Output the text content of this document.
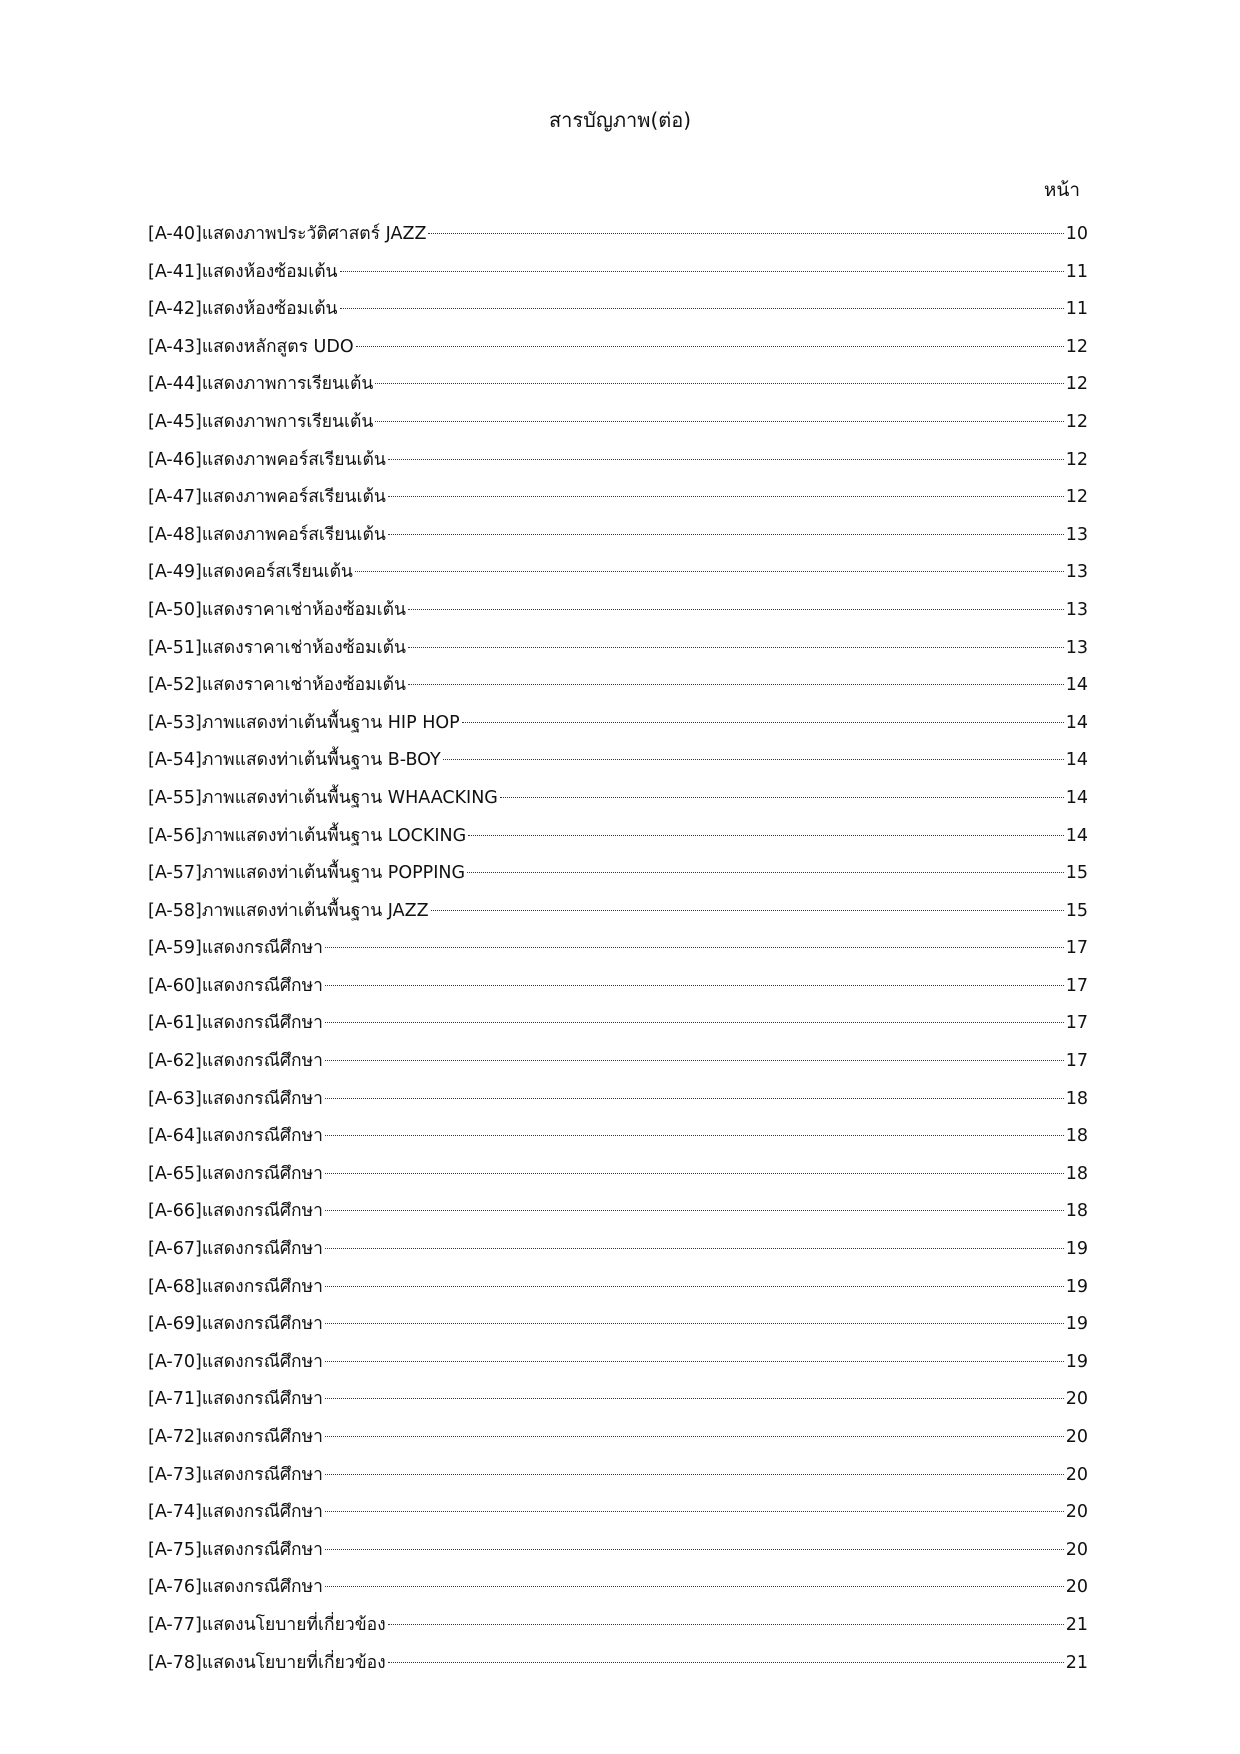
สารบัญภาพ(ต่อ)
หน้า
[A-40]แสดงภาพประวัติศาสตร์ JAZZ	10
[A-41]แสดงห้องซ้อมเต้น	11
[A-42]แสดงห้องซ้อมเต้น	11
[A-43]แสดงหลักสูตร UDO	12
[A-44]แสดงภาพการเรียนเต้น	12
[A-45]แสดงภาพการเรียนเต้น	12
[A-46]แสดงภาพคอร์สเรียนเต้น	12
[A-47]แสดงภาพคอร์สเรียนเต้น	12
[A-48]แสดงภาพคอร์สเรียนเต้น	13
[A-49]แสดงคอร์สเรียนเต้น	13
[A-50]แสดงราคาเช่าห้องซ้อมเต้น	13
[A-51]แสดงราคาเช่าห้องซ้อมเต้น	13
[A-52]แสดงราคาเช่าห้องซ้อมเต้น	14
[A-53]ภาพแสดงท่าเต้นพื้นฐาน HIP HOP	14
[A-54]ภาพแสดงท่าเต้นพื้นฐาน B-BOY	14
[A-55]ภาพแสดงท่าเต้นพื้นฐาน WHAACKING	14
[A-56]ภาพแสดงท่าเต้นพื้นฐาน LOCKING	14
[A-57]ภาพแสดงท่าเต้นพื้นฐาน POPPING	15
[A-58]ภาพแสดงท่าเต้นพื้นฐาน JAZZ	15
[A-59]แสดงกรณีศึกษา	17
[A-60]แสดงกรณีศึกษา	17
[A-61]แสดงกรณีศึกษา	17
[A-62]แสดงกรณีศึกษา	17
[A-63]แสดงกรณีศึกษา	18
[A-64]แสดงกรณีศึกษา	18
[A-65]แสดงกรณีศึกษา	18
[A-66]แสดงกรณีศึกษา	18
[A-67]แสดงกรณีศึกษา	19
[A-68]แสดงกรณีศึกษา	19
[A-69]แสดงกรณีศึกษา	19
[A-70]แสดงกรณีศึกษา	19
[A-71]แสดงกรณีศึกษา	20
[A-72]แสดงกรณีศึกษา	20
[A-73]แสดงกรณีศึกษา	20
[A-74]แสดงกรณีศึกษา	20
[A-75]แสดงกรณีศึกษา	20
[A-76]แสดงกรณีศึกษา	20
[A-77]แสดงนโยบายที่เกี่ยวข้อง	21
[A-78]แสดงนโยบายที่เกี่ยวข้อง	21
